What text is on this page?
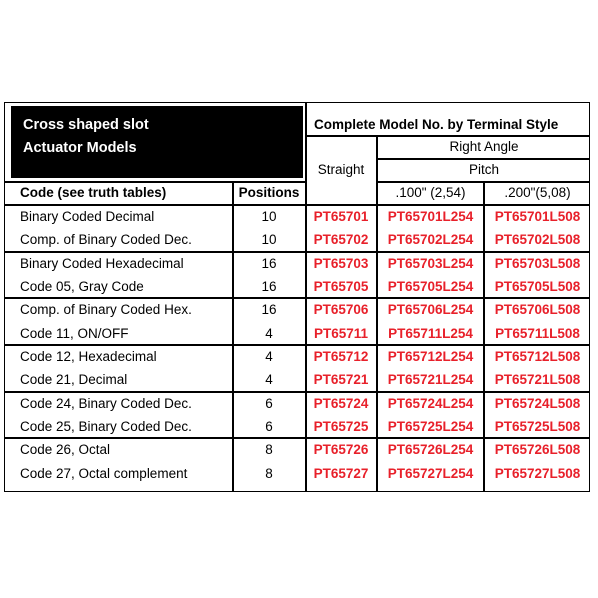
Cross shaped slot
Actuator Models
Complete Model No. by Terminal Style
Right Angle
Straight	Pitch
Code (see truth tables)	Positions	.100" (2,54)	.200"(5,08)
Binary Coded Decimal	10	PT65701	PT65701L254	PT65701L508
Comp. of Binary Coded Dec.	10	PT65702	PT65702L254	PT65702L508
Binary Coded Hexadecimal	16	PT65703	PT65703L254	PT65703L508
Code 05, Gray Code	16	PT65705	PT65705L254	PT65705L508
Comp. of Binary Coded Hex.	16	PT65706	PT65706L254	PT65706L508
Code 11, ON/OFF	4	PT65711	PT65711L254	PT65711L508
Code 12, Hexadecimal	4	PT65712	PT65712L254	PT65712L508
Code 21, Decimal	4	PT65721	PT65721L254	PT65721L508
Code 24, Binary Coded Dec.	6	PT65724	PT65724L254	PT65724L508
Code 25, Binary Coded Dec.	6	PT65725	PT65725L254	PT65725L508
Code 26, Octal	8	PT65726	PT65726L254	PT65726L508
Code 27, Octal complement	8	PT65727	PT65727L254	PT65727L508
